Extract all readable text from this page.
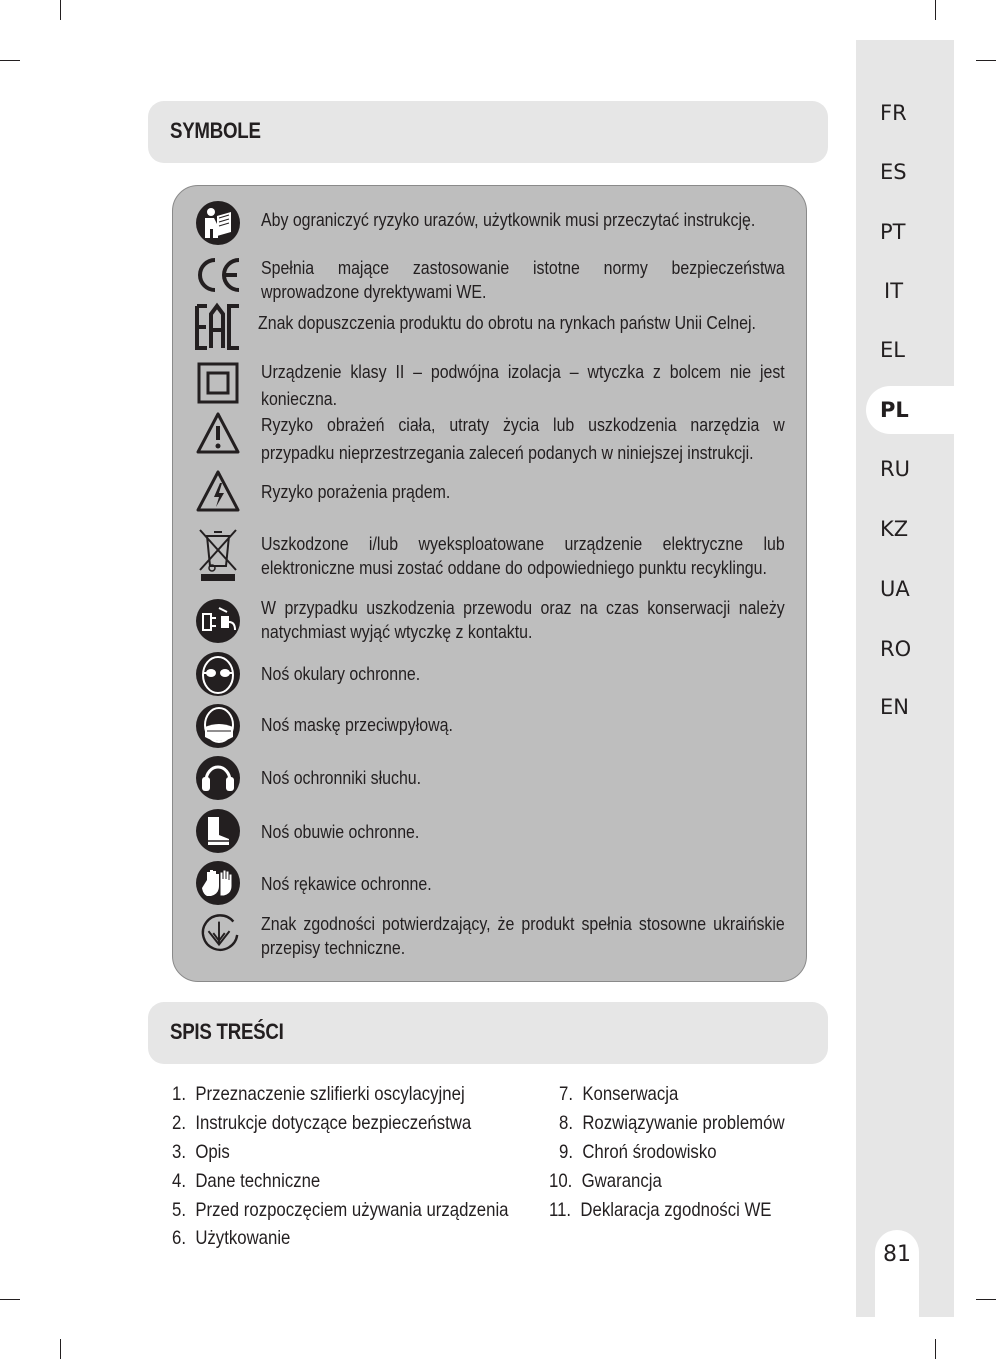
FR
ES
PT
IT
EL
PL
RU
KZ
UA
RO
EN
81
SYMBOLE
Aby ograniczyć ryzyko urazów, użytkownik musi przeczytać instrukcję.
Spełnia mające zastosowanie istotne normy bezpieczeństwa wprowadzone dyrektywami WE.
Znak dopuszczenia produktu do obrotu na rynkach państw Unii Celnej.
Urządzenie klasy II – podwójna izolacja – wtyczka z bolcem nie jest konieczna.
Ryzyko obrażeń ciała, utraty życia lub uszkodzenia narzędzia w przypadku nieprzestrzegania zaleceń podanych w niniejszej instrukcji.
Ryzyko porażenia prądem.
Uszkodzone i/lub wyeksploatowane urządzenie elektryczne lub elektroniczne musi zostać oddane do odpowiedniego punktu recyklingu.
W przypadku uszkodzenia przewodu oraz na czas konserwacji należy natychmiast wyjąć wtyczkę z kontaktu.
Noś okulary ochronne.
Noś maskę przeciwpyłową.
Noś ochronniki słuchu.
Noś obuwie ochronne.
Noś rękawice ochronne.
Znak zgodności potwierdzający, że produkt spełnia stosowne ukraińskie przepisy techniczne.
SPIS TREŚCI
1. Przeznaczenie szlifierki oscylacyjnej
2. Instrukcje dotyczące bezpieczeństwa
3. Opis
4. Dane techniczne
5. Przed rozpoczęciem używania urządzenia
6. Użytkowanie
7. Konserwacja
8. Rozwiązywanie problemów
9. Chroń środowisko
10. Gwarancja
11. Deklaracja zgodności WE
